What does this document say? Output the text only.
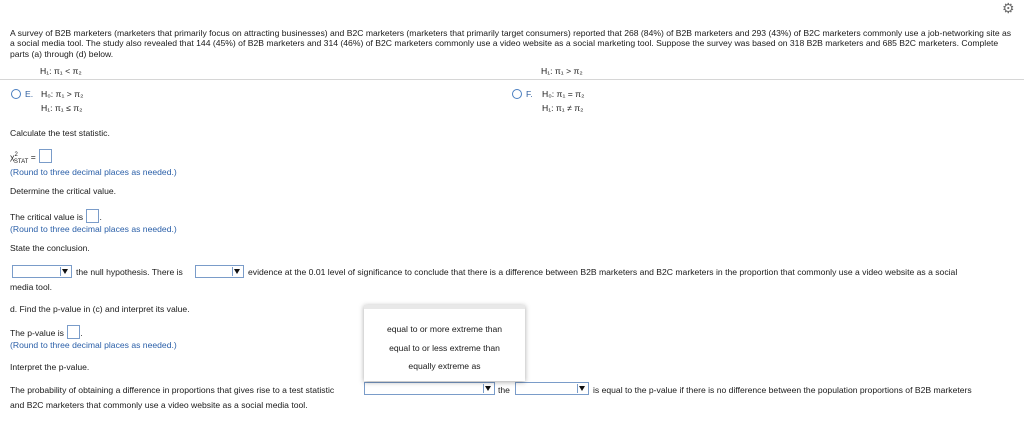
⚙
A survey of B2B marketers (marketers that primarily focus on attracting businesses) and B2C marketers (marketers that primarily target consumers) reported that 268 (84%) of B2B marketers and 293 (43%) of B2C marketers commonly use a job-networking site as a social media tool. The study also revealed that 144 (45%) of B2B marketers and 314 (46%) of B2C marketers commonly use a video website as a social marketing tool. Suppose the survey was based on 318 B2B marketers and 685 B2C marketers. Complete parts (a) through (d) below.
H₁: π₁ < π₂	H₁: π₁ > π₂
E. H₀: π₁ > π₂
H₁: π₁ ≤ π₂
F. H₀: π₁ = π₂
H₁: π₁ ≠ π₂
Calculate the test statistic.
$\chi^2_{STAT}$ =
(Round to three decimal places as needed.)
Determine the critical value.
The critical value is .
(Round to three decimal places as needed.)
State the conclusion.
the null hypothesis. There is	evidence at the 0.01 level of significance to conclude that there is a difference between B2B marketers and B2C marketers in the proportion that commonly use a video website as a social
media tool.
d. Find the p-value in (c) and interpret its value.
The p-value is .
(Round to three decimal places as needed.)
Interpret the p-value.
The probability of obtaining a difference in proportions that gives rise to a test statistic	the	is equal to the p-value if there is no difference between the population proportions of B2B marketers
and B2C marketers that commonly use a video website as a social media tool.
equal to or more extreme than
equal to or less extreme than
equally extreme as
